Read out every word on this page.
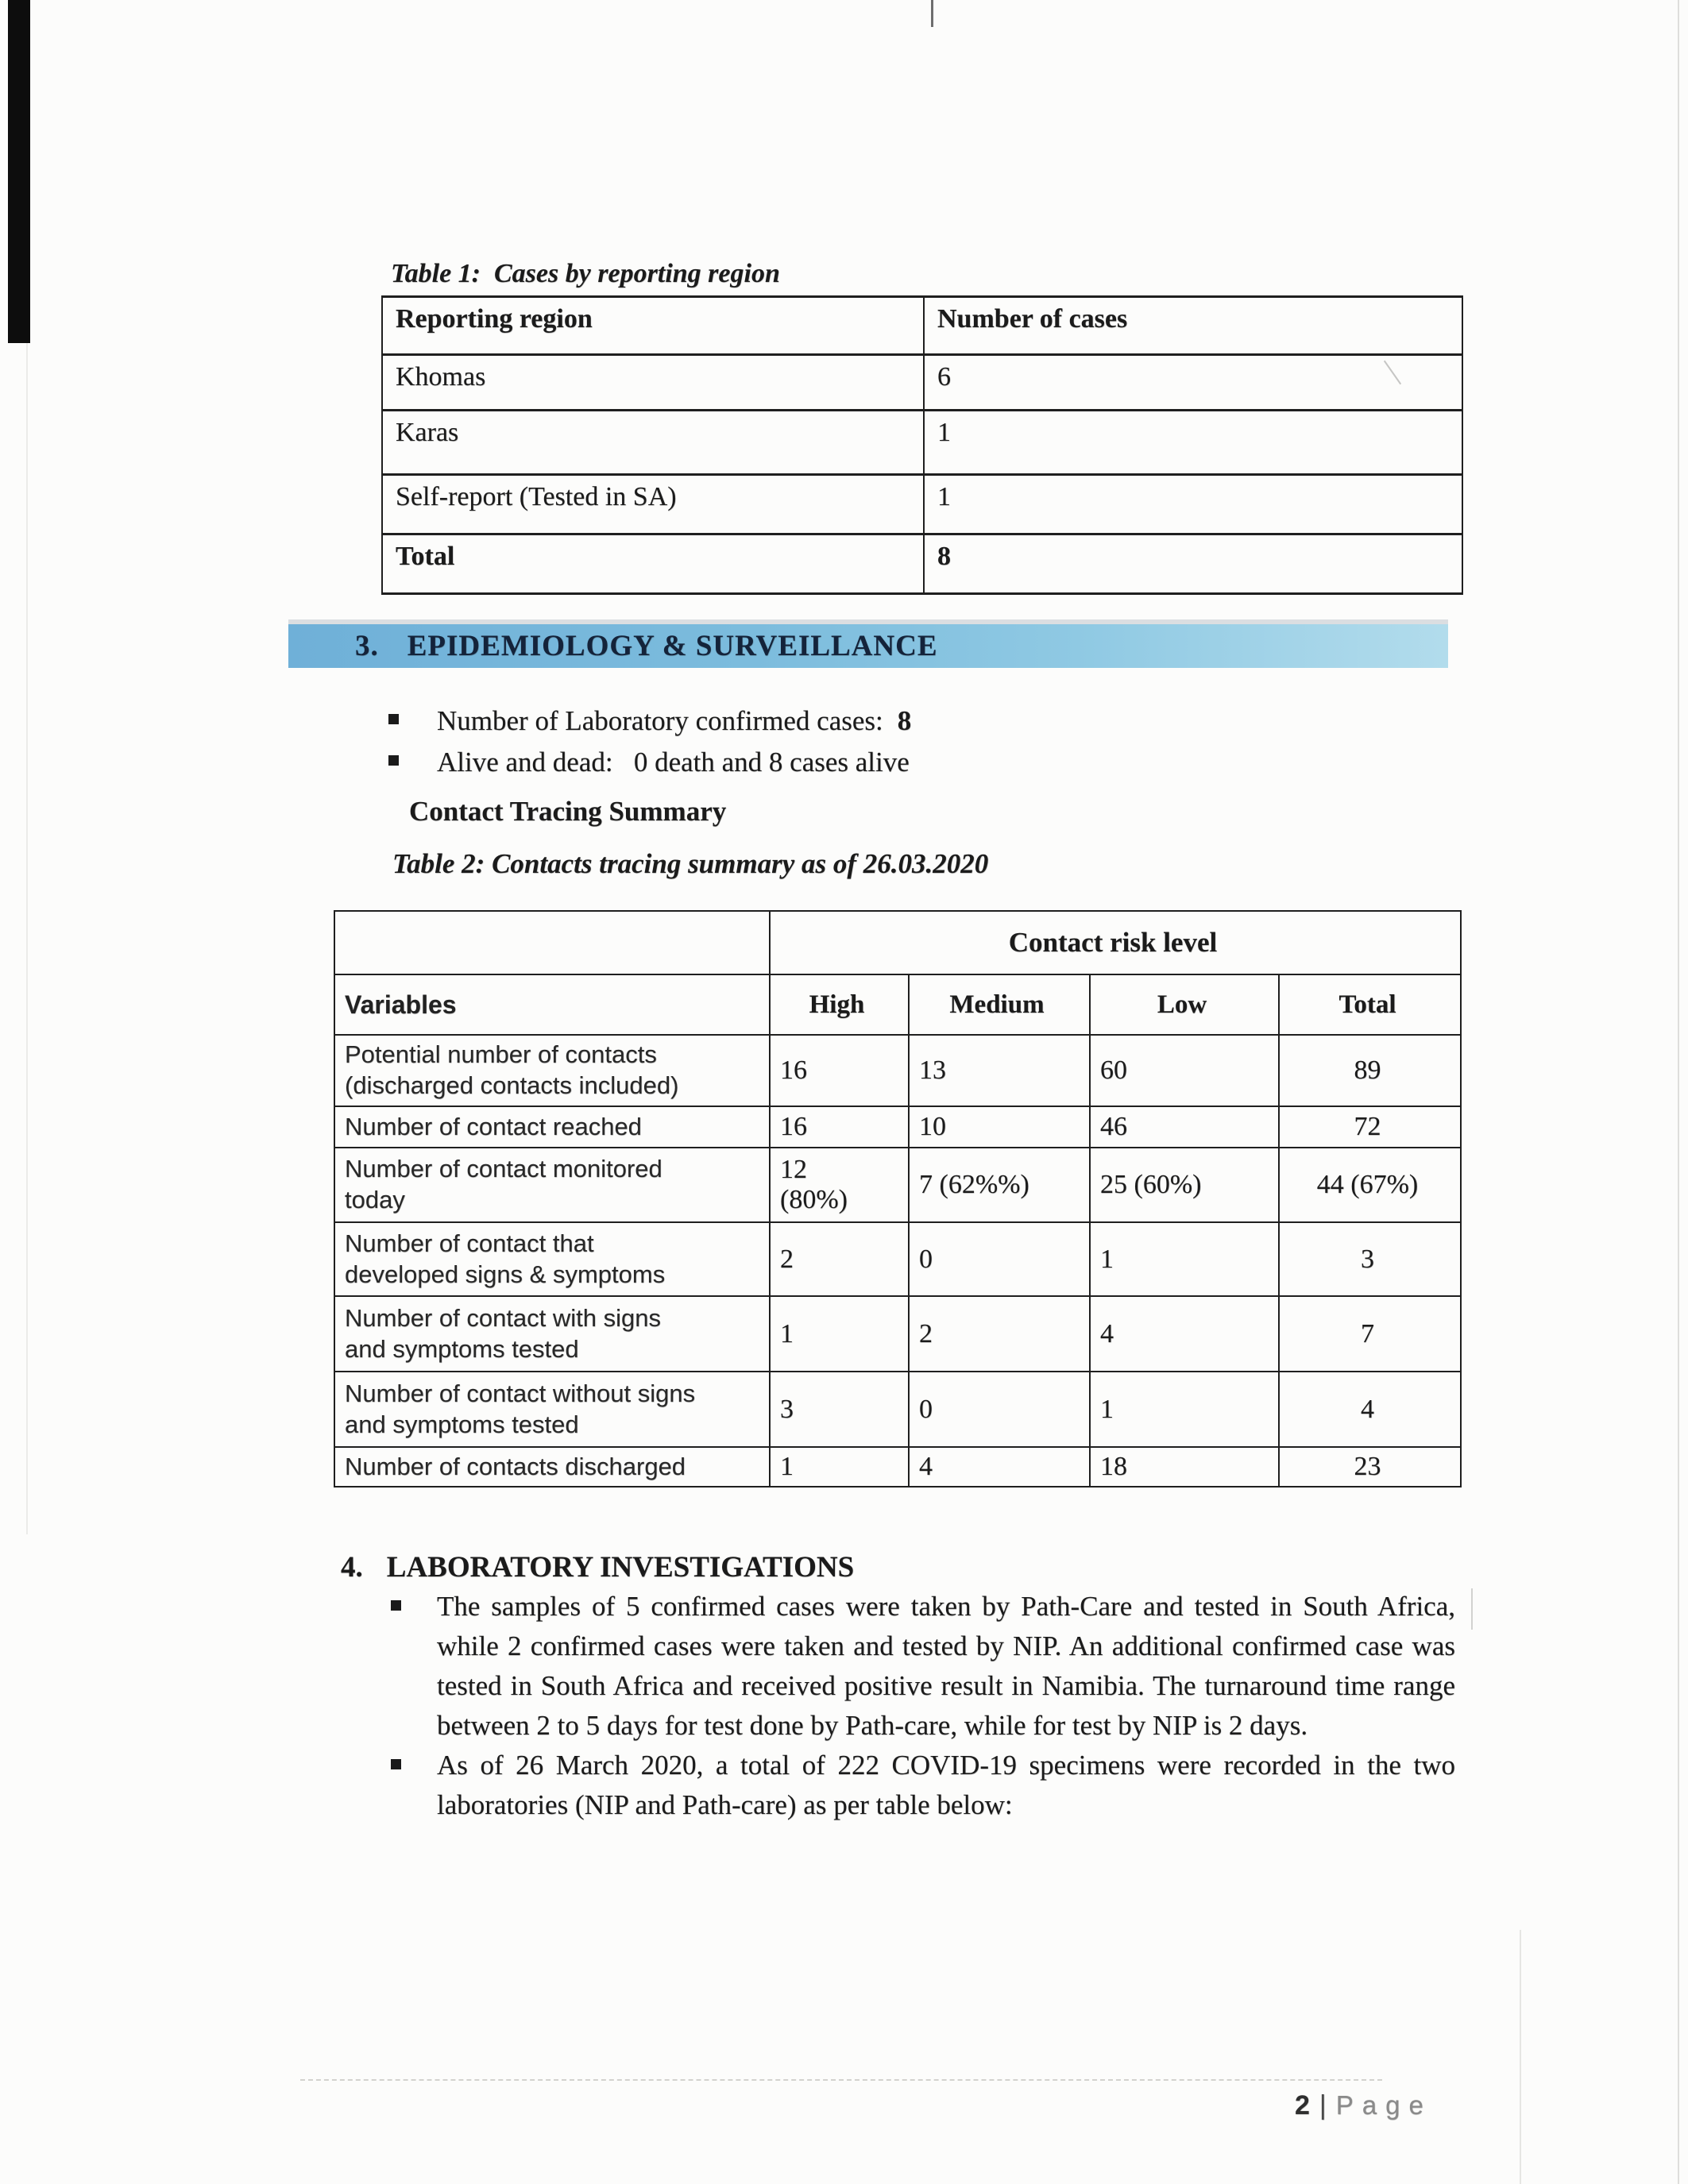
Table 1:  Cases by reporting region
Reporting region	Number of cases
Khomas	6
Karas	1
Self-report (Tested in SA)	1
Total	8
3. EPIDEMIOLOGY & SURVEILLANCE
Number of Laboratory confirmed cases: 8
Alive and dead:   0 death and 8 cases alive
Contact Tracing Summary
Table 2: Contacts tracing summary as of 26.03.2020
	Contact risk level			
Variables	High	Medium	Low	Total
Potential number of contacts (discharged contacts included)	16	13	60	89
Number of contact reached	16	10	46	72
Number of contact monitored today	12 (80%)	7 (62%%)	25 (60%)	44 (67%)
Number of contact that developed signs & symptoms	2	0	1	3
Number of contact with signs and symptoms tested	1	2	4	7
Number of contact without signs and symptoms tested	3	0	1	4
Number of contacts discharged	1	4	18	23
4. LABORATORY INVESTIGATIONS
The samples of 5 confirmed cases were taken by Path-Care and tested in South Africa, while 2 confirmed cases were taken and tested by NIP. An additional confirmed case was tested in South Africa and received positive result in Namibia. The turnaround time range between 2 to 5 days for test done by Path-care, while for test by NIP is 2 days.
As of 26 March 2020, a total of 222 COVID-19 specimens were recorded in the two laboratories (NIP and Path-care) as per table below:
2 | Page
